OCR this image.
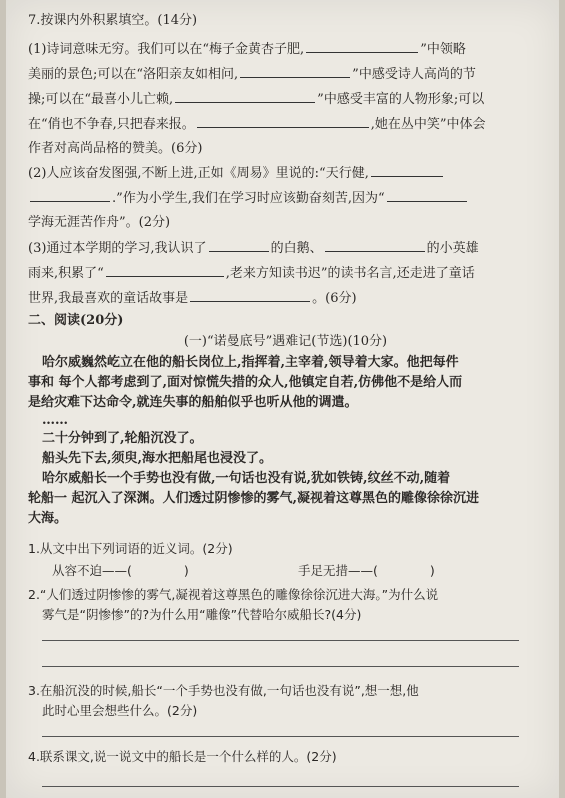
7.按课内外积累填空。(14分)
(1)诗词意味无穷。我们可以在“梅子金黄杏子肥,	”中领略
美丽的景色;可以在“洛阳亲友如相问,	”中感受诗人高尚的节
操;可以在“最喜小儿亡赖,	”中感受丰富的人物形象;可以
在“俏也不争春,只把春来报。	,她在丛中笑”中体会
作者对高尚品格的赞美。(6分)
(2)人应该奋发图强,不断上进,正如《周易》里说的:“天行健,
.”作为小学生,我们在学习时应该勤奋刻苦,因为“
学海无涯苦作舟”。(2分)
(3)通过本学期的学习,我认识了	的白鹅、	的小英雄
雨来,积累了“	,老来方知读书迟”的读书名言,还走进了童话
世界,我最喜欢的童话故事是	。(6分)
二、阅读(20分)
(一)“诺曼底号”遇难记(节选)(10分)
哈尔威巍然屹立在他的船长岗位上,指挥着,主宰着,领导着大家。他把每件
事和 每个人都考虑到了,面对惊慌失措的众人,他镇定自若,仿佛他不是给人而
是给灾难下达命令,就连失事的船舶似乎也听从他的调遣。
……
二十分钟到了,轮船沉没了。
船头先下去,须臾,海水把船尾也浸没了。
哈尔威船长一个手势也没有做,一句话也没有说,犹如铁铸,纹丝不动,随着
轮船一 起沉入了深渊。人们透过阴惨惨的雾气,凝视着这尊黑色的雕像徐徐沉进
大海。
1.从文中出下列词语的近义词。(2分)
从容不迫——(	)	手足无措——(	)
2.“人们透过阴惨惨的雾气,凝视着这尊黑色的雕像徐徐沉进大海。”为什么说
雾气是“阴惨惨”的?为什么用“雕像”代替哈尔威船长?(4分)
3.在船沉没的时候,船长“一个手势也没有做,一句话也没有说”,想一想,他
此时心里会想些什么。(2分)
4.联系课文,说一说文中的船长是一个什么样的人。(2分)
